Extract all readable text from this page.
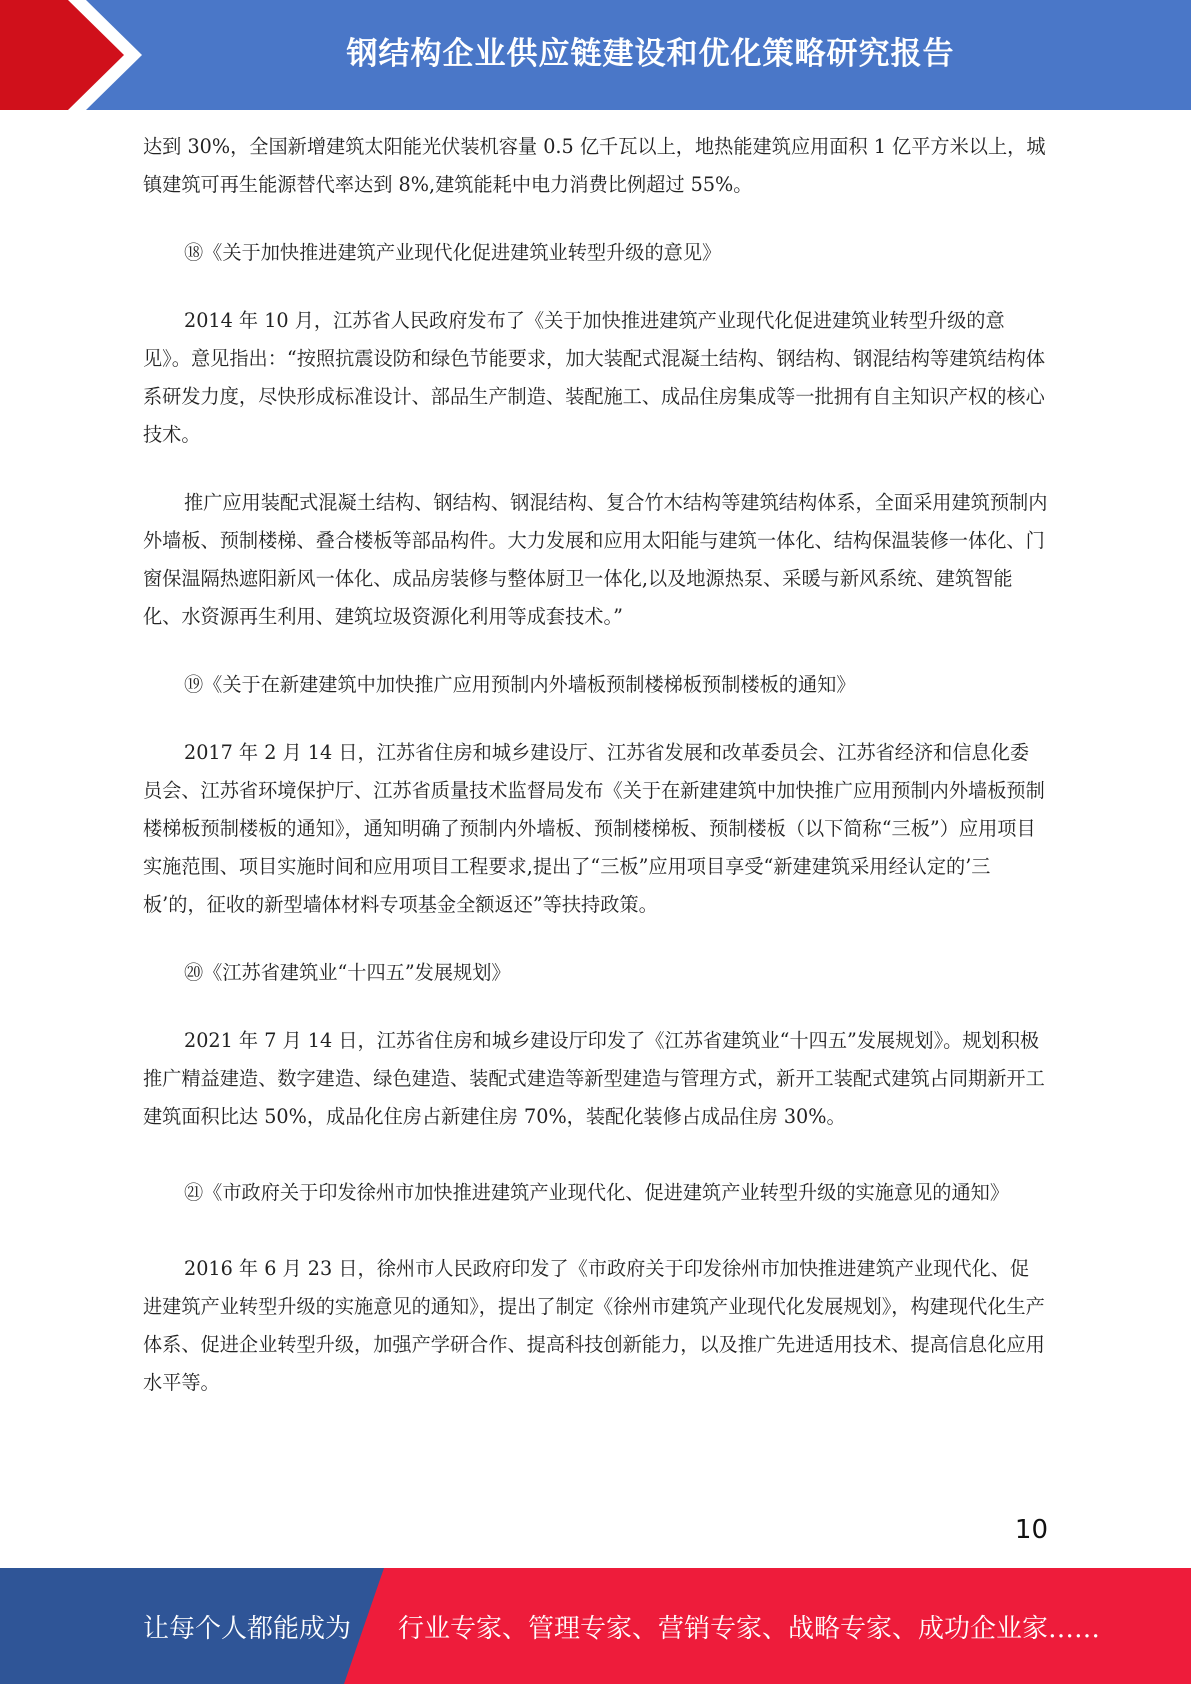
钢结构企业供应链建设和优化策略研究报告

达到 30%，全国新增建筑太阳能光伏装机容量 0.5 亿千瓦以上，地热能建筑应用面积 1 亿平方米以上，城镇建筑可再生能源替代率达到 8%,建筑能耗中电力消费比例超过 55%。

⑱《关于加快推进建筑产业现代化促进建筑业转型升级的意见》

2014 年 10 月，江苏省人民政府发布了《关于加快推进建筑产业现代化促进建筑业转型升级的意见》。意见指出：“按照抗震设防和绿色节能要求，加大装配式混凝土结构、钢结构、钢混结构等建筑结构体系研发力度，尽快形成标准设计、部品生产制造、装配施工、成品住房集成等一批拥有自主知识产权的核心技术。

推广应用装配式混凝土结构、钢结构、钢混结构、复合竹木结构等建筑结构体系，全面采用建筑预制内外墙板、预制楼梯、叠合楼板等部品构件。大力发展和应用太阳能与建筑一体化、结构保温装修一体化、门窗保温隔热遮阳新风一体化、成品房装修与整体厨卫一体化,以及地源热泵、采暖与新风系统、建筑智能化、水资源再生利用、建筑垃圾资源化利用等成套技术。”

⑲《关于在新建建筑中加快推广应用预制内外墙板预制楼梯板预制楼板的通知》

2017 年 2 月 14 日，江苏省住房和城乡建设厅、江苏省发展和改革委员会、江苏省经济和信息化委员会、江苏省环境保护厅、江苏省质量技术监督局发布《关于在新建建筑中加快推广应用预制内外墙板预制楼梯板预制楼板的通知》，通知明确了预制内外墙板、预制楼梯板、预制楼板（以下简称“三板”）应用项目实施范围、项目实施时间和应用项目工程要求,提出了“三板”应用项目享受“新建建筑采用经认定的’三板’的，征收的新型墙体材料专项基金全额返还”等扶持政策。

⑳《江苏省建筑业“十四五”发展规划》

2021 年 7 月 14 日，江苏省住房和城乡建设厅印发了《江苏省建筑业“十四五”发展规划》。规划积极推广精益建造、数字建造、绿色建造、装配式建造等新型建造与管理方式，新开工装配式建筑占同期新开工建筑面积比达 50%，成品化住房占新建住房 70%，装配化装修占成品住房 30%。

㉑《市政府关于印发徐州市加快推进建筑产业现代化、促进建筑产业转型升级的实施意见的通知》

2016 年 6 月 23 日，徐州市人民政府印发了《市政府关于印发徐州市加快推进建筑产业现代化、促进建筑产业转型升级的实施意见的通知》，提出了制定《徐州市建筑产业现代化发展规划》，构建现代化生产体系、促进企业转型升级，加强产学研合作、提高科技创新能力，以及推广先进适用技术、提高信息化应用水平等。

10
让每个人都能成为 行业专家、管理专家、营销专家、战略专家、成功企业家……
